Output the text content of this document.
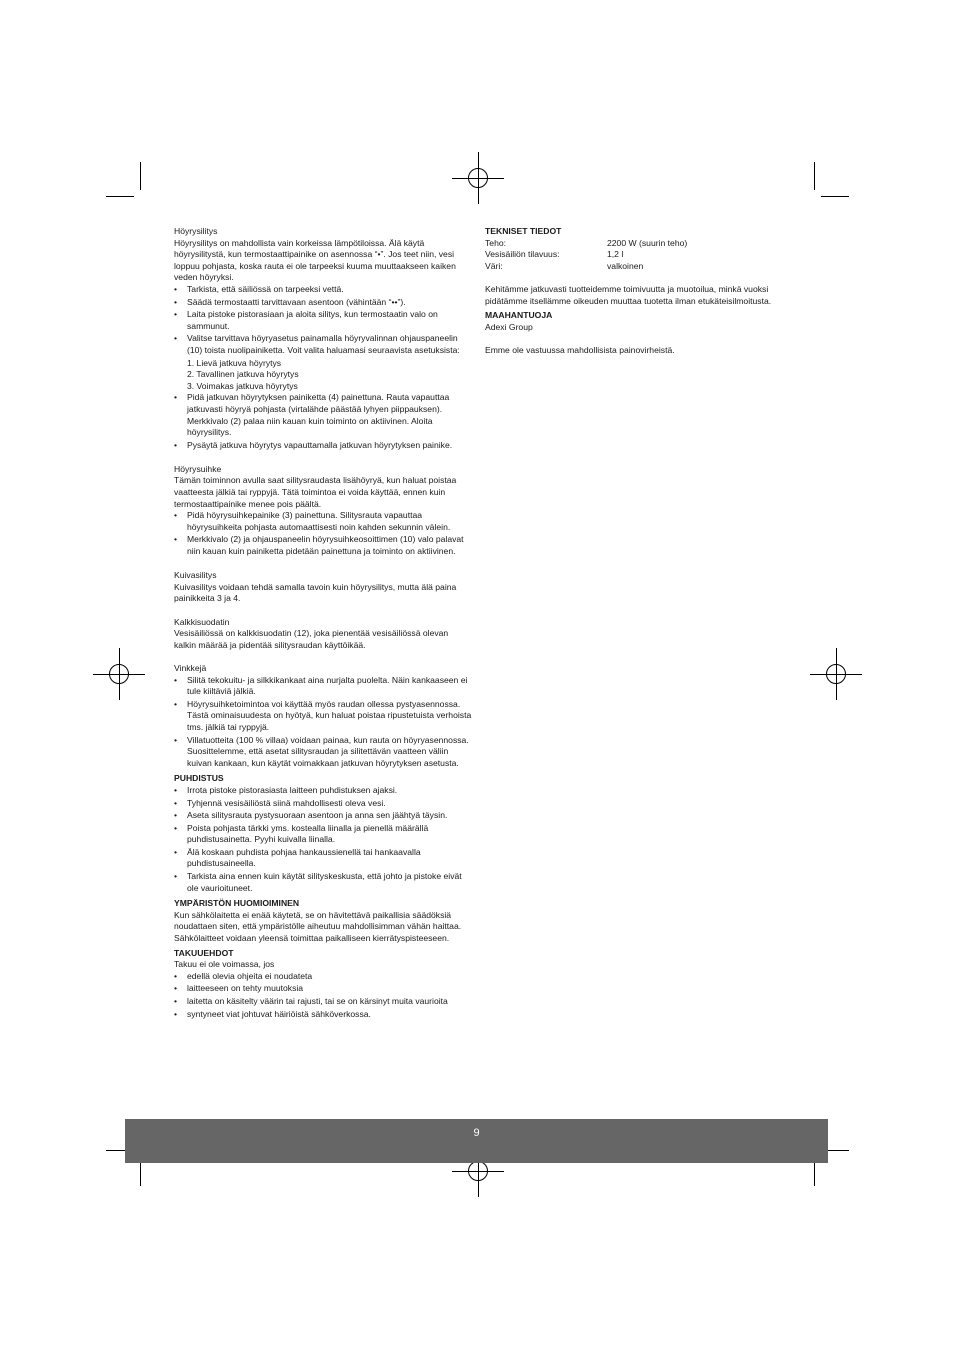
Höyrysilitys

Höyrysilitys on mahdollista vain korkeissa lämpötiloissa. Älä käytä höyrysilitystä, kun termostaattipainike on asennossa “•”. Jos teet niin, vesi loppuu pohjasta, koska rauta ei ole tarpeeksi kuuma muuttaakseen kaiken veden höyryksi.

• Tarkista, että säiliössä on tarpeeksi vettä.
• Säädä termostaatti tarvittavaan asentoon (vähintään “••”).
• Laita pistoke pistorasiaan ja aloita silitys, kun termostaatin valo on sammunut.
• Valitse tarvittava höyryasetus painamalla höyryvalinnan ohjauspaneelin (10) toista nuolipainiketta. Voit valita haluamasi seuraavista asetuksista:

1. Lievä jatkuva höyrytys

2. Tavallinen jatkuva höyrytys

3. Voimakas jatkuva höyrytys

• Pidä jatkuvan höyrytyksen painiketta (4) painettuna. Rauta vapauttaa jatkuvasti höyryä pohjasta (virtalähde päästää lyhyen piippauksen). Merkkivalo (2) palaa niin kauan kuin toiminto on aktiivinen. Aloita höyrysilitys.
• Pysäytä jatkuva höyrytys vapauttamalla jatkuvan höyrytyksen painike.

Höyrysuihke

Tämän toiminnon avulla saat silitysraudasta lisähöyryä, kun haluat poistaa vaatteesta jälkiä tai ryppyjä. Tätä toimintoa ei voida käyttää, ennen kuin termostaattipainike menee pois päältä.

• Pidä höyrysuihkepainike (3) painettuna. Silitysrauta vapauttaa höyrysuihkeita pohjasta automaattisesti noin kahden sekunnin välein.
• Merkkivalo (2) ja ohjauspaneelin höyrysuihkeosoittimen (10) valo palavat niin kauan kuin painiketta pidetään painettuna ja toiminto on aktiivinen.

Kuivasilitys

Kuivasilitys voidaan tehdä samalla tavoin kuin höyrysilitys, mutta älä paina painikkeita 3 ja 4.

Kalkkisuodatin

Vesisäiliössä on kalkkisuodatin (12), joka pienentää vesisäiliössä olevan kalkin määrää ja pidentää silitysraudan käyttöikää.

Vinkkejä

• Silitä tekokuitu- ja silkkikankaat aina nurjalta puolelta. Näin kankaaseen ei tule kiiltäviä jälkiä.
• Höyrysuihketoimintoa voi käyttää myös raudan ollessa pystyasennossa. Tästä ominaisuudesta on hyötyä, kun haluat poistaa ripustetuista verhoista tms. jälkiä tai ryppyjä.
• Villatuotteita (100 % villaa) voidaan painaa, kun rauta on höyryasennossa. Suosittelemme, että asetat silitysraudan ja silitettävän vaatteen väliin kuivan kankaan, kun käytät voimakkaan jatkuvan höyrytyksen asetusta.

PUHDISTUS

• Irrota pistoke pistorasiasta laitteen puhdistuksen ajaksi.
• Tyhjennä vesisäiliöstä siinä mahdollisesti oleva vesi.
• Aseta silitysrauta pystysuoraan asentoon ja anna sen jäähtyä täysin.
• Poista pohjasta tärkki yms. kostealla liinalla ja pienellä määrällä puhdistusainetta. Pyyhi kuivalla liinalla.
• Älä koskaan puhdista pohjaa hankaussienellä tai hankaavalla puhdistusaineella.
• Tarkista aina ennen kuin käytät silityskeskusta, että johto ja pistoke eivät ole vaurioituneet.

YMPÄRISTÖN HUOMIOIMINEN

Kun sähkölaitetta ei enää käytetä, se on hävitettävä paikallisia säädöksiä noudattaen siten, että ympäristölle aiheutuu mahdollisimman vähän haittaa. Sähkölaitteet voidaan yleensä toimittaa paikalliseen kierrätyspisteeseen.

TAKUUEHDOT

Takuu ei ole voimassa, jos

• edellä olevia ohjeita ei noudateta
• laitteeseen on tehty muutoksia
• laitetta on käsitelty väärin tai rajusti, tai se on kärsinyt muita vaurioita
• syntyneet viat johtuvat häiriöistä sähköverkossa.

TEKNISET TIEDOT

Teho:	2200 W (suurin teho)
Vesisäiliön tilavuus:	1,2 l
Väri:	valkoinen

Kehitämme jatkuvasti tuotteidemme toimivuutta ja muotoilua, minkä vuoksi pidätämme itsellämme oikeuden muuttaa tuotetta ilman etukäteisilmoitusta.

MAAHANTUOJA

Adexi Group

Emme ole vastuussa mahdollisista painovirheistä.

9
